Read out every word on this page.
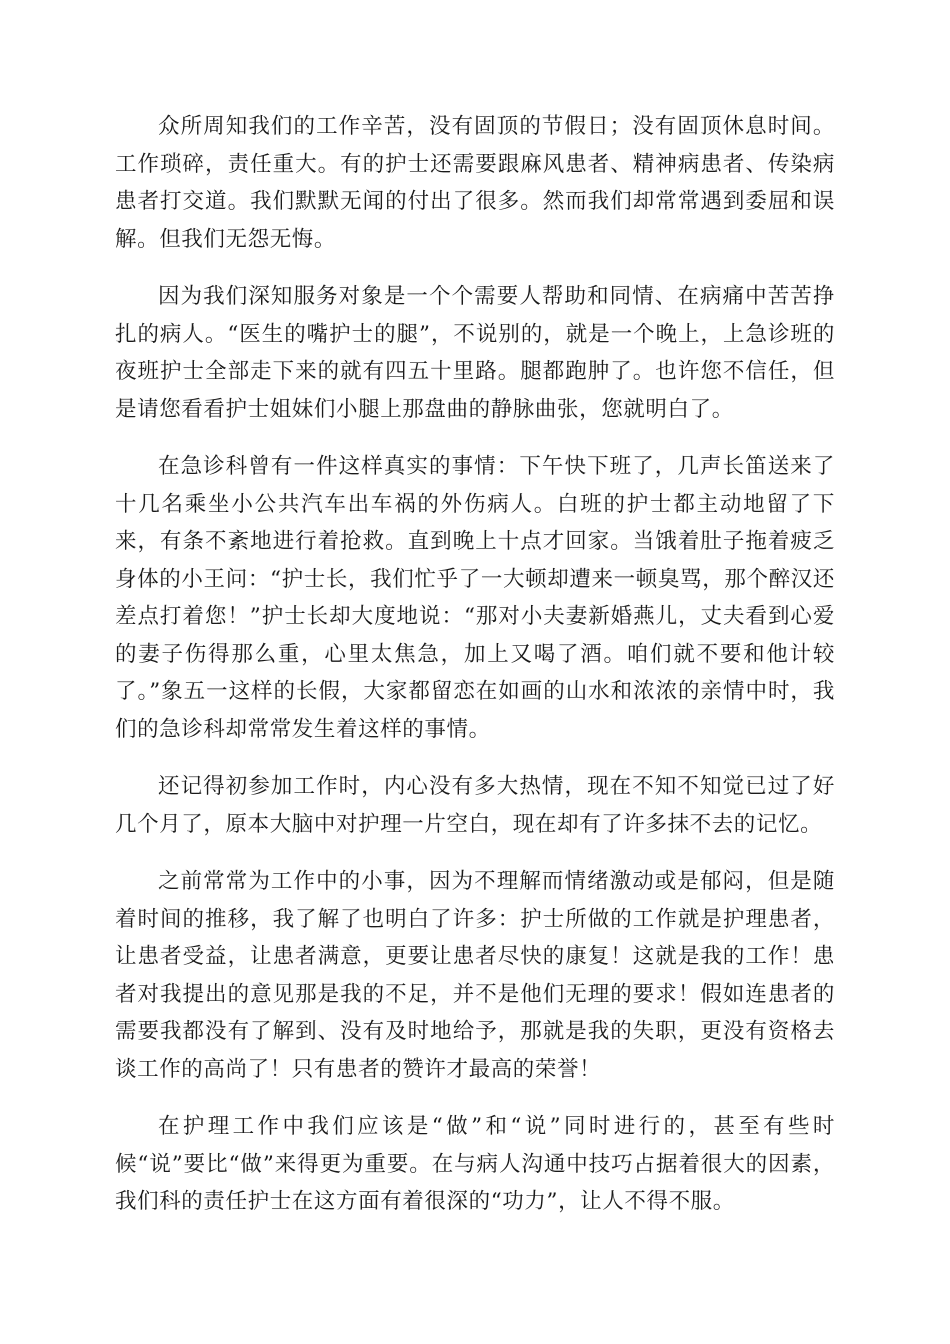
众所周知我们的工作辛苦，没有固顶的节假日；没有固顶休息时间。工作琐碎，责任重大。有的护士还需要跟麻风患者、精神病患者、传染病患者打交道。我们默默无闻的付出了很多。然而我们却常常遇到委屈和误解。但我们无怨无悔。

因为我们深知服务对象是一个个需要人帮助和同情、在病痛中苦苦挣扎的病人。“医生的嘴护士的腿”，不说别的，就是一个晚上，上急诊班的夜班护士全部走下来的就有四五十里路。腿都跑肿了。也许您不信任，但是请您看看护士姐妹们小腿上那盘曲的静脉曲张，您就明白了。

在急诊科曾有一件这样真实的事情：下午快下班了，几声长笛送来了十几名乘坐小公共汽车出车祸的外伤病人。白班的护士都主动地留了下来，有条不紊地进行着抢救。直到晚上十点才回家。当饿着肚子拖着疲乏身体的小王问：“护士长，我们忙乎了一大顿却遭来一顿臭骂，那个醉汉还差点打着您！”护士长却大度地说：“那对小夫妻新婚燕儿，丈夫看到心爱的妻子伤得那么重，心里太焦急，加上又喝了酒。咱们就不要和他计较了。”象五一这样的长假，大家都留恋在如画的山水和浓浓的亲情中时，我们的急诊科却常常发生着这样的事情。

还记得初参加工作时，内心没有多大热情，现在不知不知觉已过了好几个月了，原本大脑中对护理一片空白，现在却有了许多抹不去的记忆。

之前常常为工作中的小事，因为不理解而情绪激动或是郁闷，但是随着时间的推移，我了解了也明白了许多：护士所做的工作就是护理患者，让患者受益，让患者满意，更要让患者尽快的康复！这就是我的工作！患者对我提出的意见那是我的不足，并不是他们无理的要求！假如连患者的需要我都没有了解到、没有及时地给予，那就是我的失职，更没有资格去谈工作的高尚了！只有患者的赞许才最高的荣誉！

在护理工作中我们应该是“做”和“说”同时进行的，甚至有些时候“说”要比“做”来得更为重要。在与病人沟通中技巧占据着很大的因素，我们科的责任护士在这方面有着很深的“功力”，让人不得不服。
